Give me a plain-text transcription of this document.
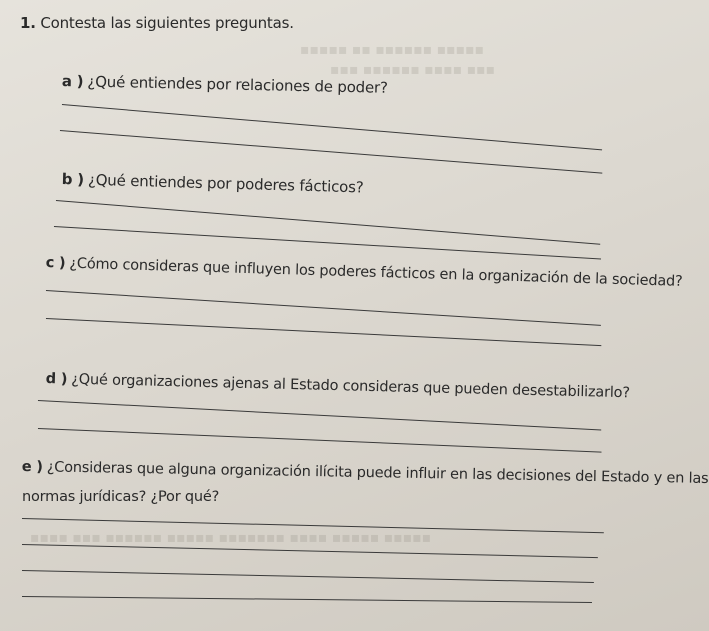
▪▪▪▪▪ ▪▪ ▪▪▪▪▪▪ ▪▪▪▪▪
▪▪▪ ▪▪▪▪▪▪ ▪▪▪▪ ▪▪▪
▪▪▪▪ ▪▪▪ ▪▪▪▪▪▪ ▪▪▪▪▪ ▪▪▪▪▪▪▪ ▪▪▪▪ ▪▪▪▪▪ ▪▪▪▪▪
1. Contesta las siguientes preguntas.
a ) ¿Qué entiendes por relaciones de poder?
b ) ¿Qué entiendes por poderes fácticos?
c ) ¿Cómo consideras que influyen los poderes fácticos en la organización de la sociedad?
d ) ¿Qué organizaciones ajenas al Estado consideras que pueden desestabilizarlo?
e ) ¿Consideras que alguna organización ilícita puede influir en las decisiones del Estado y en las
normas jurídicas? ¿Por qué?
